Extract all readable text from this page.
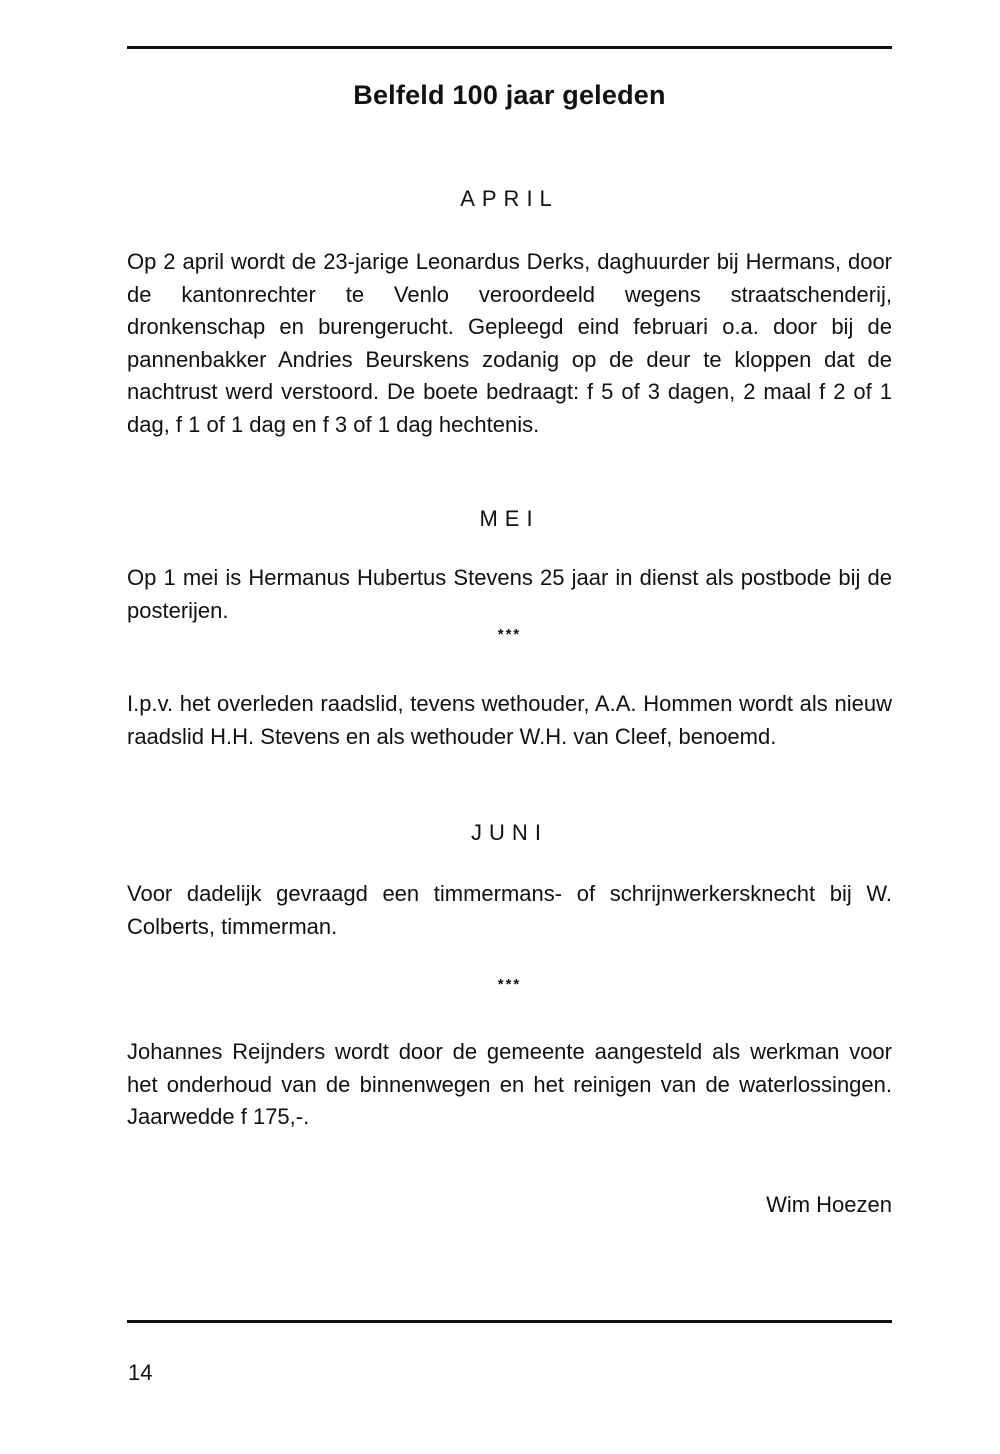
Belfeld 100 jaar geleden
APRIL

Op 2 april wordt de 23-jarige Leonardus Derks, daghuurder bij Hermans, door de kantonrechter te Venlo veroordeeld wegens straatschenderij, dronkenschap en burengerucht. Gepleegd eind februari o.a. door bij de pannenbakker Andries Beurskens zodanig op de deur te kloppen dat de nachtrust werd verstoord. De boete bedraagt: f 5 of 3 dagen, 2 maal f 2 of 1 dag, f 1 of 1 dag en f 3 of 1 dag hechtenis.

MEI

Op 1 mei is Hermanus Hubertus Stevens 25 jaar in dienst als postbode bij de posterijen.

***

I.p.v. het overleden raadslid, tevens wethouder, A.A. Hommen wordt als nieuw raadslid H.H. Stevens en als wethouder W.H. van Cleef, benoemd.

JUNI

Voor dadelijk gevraagd een timmermans- of schrijnwerkersknecht bij W. Colberts, timmerman.

***

Johannes Reijnders wordt door de gemeente aangesteld als werkman voor het onderhoud van de binnenwegen en het reinigen van de waterlossingen. Jaarwedde f 175,-.

Wim Hoezen
14
